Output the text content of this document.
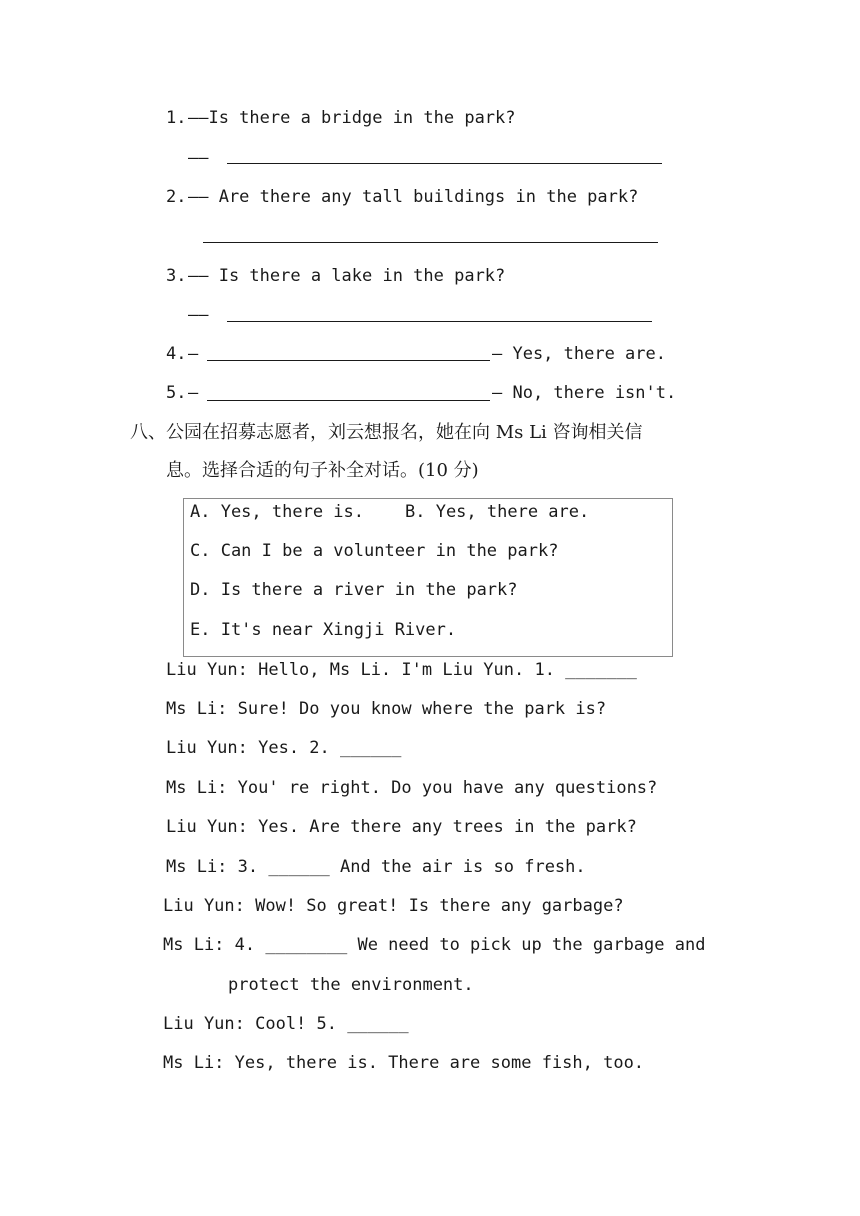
1. ——Is there a bridge in the park?
——
2. —— Are there any tall buildings in the park?
3. —— Is there a lake in the park?
——
4. —	— Yes, there are.
5. —	— No, there isn't.
八、公园在招募志愿者，刘云想报名，她在向 Ms Li 咨询相关信
息。选择合适的句子补全对话。(10 分)
A. Yes, there is. B. Yes, there are.
C. Can I be a volunteer in the park?
D. Is there a river in the park?
E. It's near Xingji River.
Liu Yun: Hello, Ms Li. I'm Liu Yun. 1. _______
Ms Li: Sure! Do you know where the park is?
Liu Yun: Yes. 2. ______
Ms Li: You' re right. Do you have any questions?
Liu Yun: Yes. Are there any trees in the park?
Ms Li: 3. ______ And the air is so fresh.
Liu Yun: Wow! So great! Is there any garbage?
Ms Li: 4. ________ We need to pick up the garbage and
protect the environment.
Liu Yun: Cool! 5. ______
Ms Li: Yes, there is. There are some fish, too.
